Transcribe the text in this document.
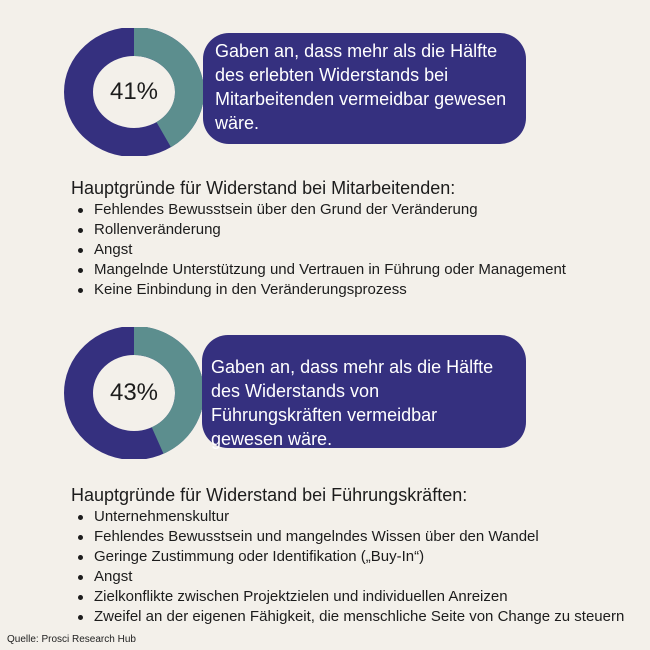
41%
Gaben an, dass mehr als die Hälfte des erlebten Widerstands bei Mitarbeitenden vermeidbar gewesen wäre.
Hauptgründe für Widerstand bei Mitarbeitenden:
Fehlendes Bewusstsein über den Grund der Veränderung
Rollenveränderung
Angst
Mangelnde Unterstützung und Vertrauen in Führung oder Management
Keine Einbindung in den Veränderungsprozess
43%
Gaben an, dass mehr als die Hälfte des Widerstands von Führungskräften vermeidbar gewesen wäre.
Hauptgründe für Widerstand bei Führungskräften:
Unternehmenskultur
Fehlendes Bewusstsein und mangelndes Wissen über den Wandel
Geringe Zustimmung oder Identifikation („Buy-In“)
Angst
Zielkonflikte zwischen Projektzielen und individuellen Anreizen
Zweifel an der eigenen Fähigkeit, die menschliche Seite von Change zu steuern
Quelle: Prosci Research Hub
